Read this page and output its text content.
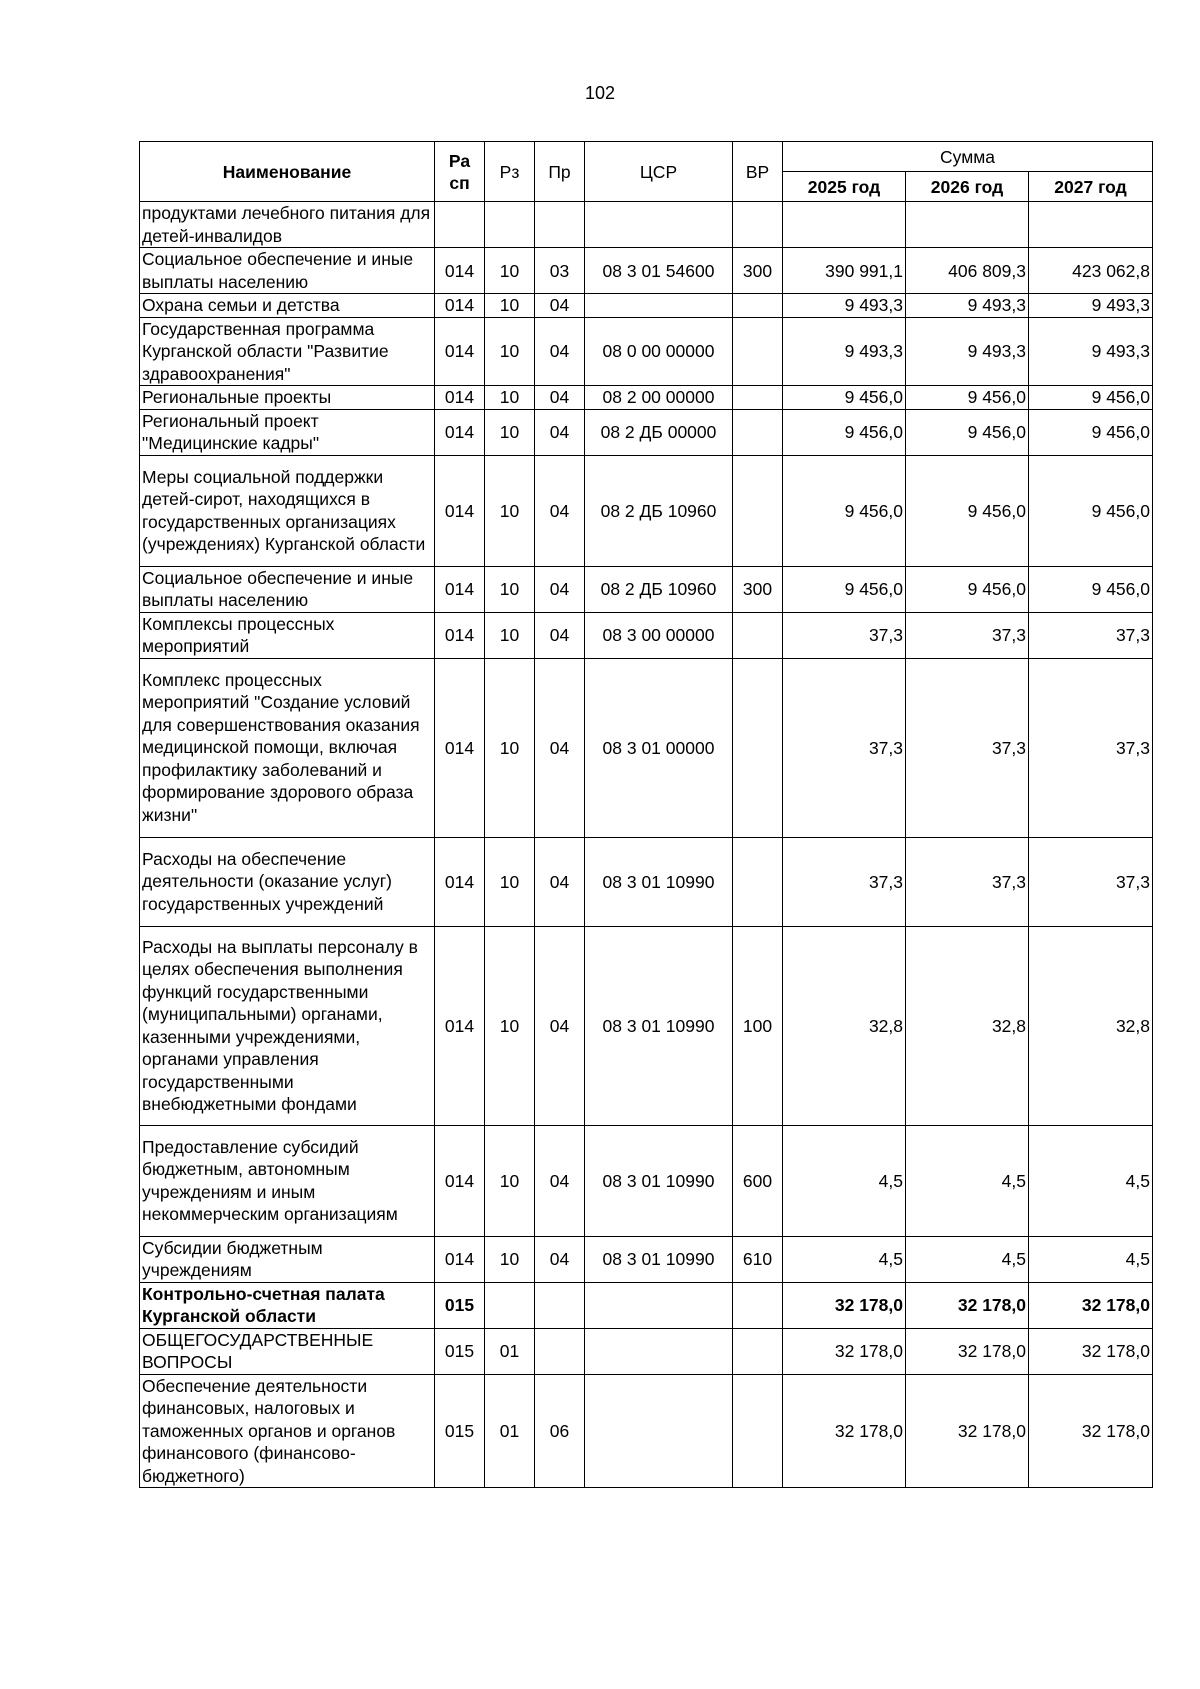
102
Наименование	Ра сп	Рз	Пр	ЦСР	ВР	Сумма		
						2025 год	2026 год	2027 год
продуктами лечебного питания для детей-инвалидов								
Социальное обеспечение и иные выплаты населению	014	10	03	08 3 01 54600	300	390 991,1	406 809,3	423 062,8
Охрана семьи и детства	014	10	04			9 493,3	9 493,3	9 493,3
Государственная программа Курганской области "Развитие здравоохранения"	014	10	04	08 0 00 00000		9 493,3	9 493,3	9 493,3
Региональные проекты	014	10	04	08 2 00 00000		9 456,0	9 456,0	9 456,0
Региональный проект "Медицинские кадры"	014	10	04	08 2 ДБ 00000		9 456,0	9 456,0	9 456,0
Меры социальной поддержки детей-сирот, находящихся в государственных организациях (учреждениях) Курганской области	014	10	04	08 2 ДБ 10960		9 456,0	9 456,0	9 456,0
Социальное обеспечение и иные выплаты населению	014	10	04	08 2 ДБ 10960	300	9 456,0	9 456,0	9 456,0
Комплексы процессных мероприятий	014	10	04	08 3 00 00000		37,3	37,3	37,3
Комплекс процессных мероприятий "Создание условий для совершенствования оказания медицинской помощи, включая профилактику заболеваний и формирование здорового образа жизни"	014	10	04	08 3 01 00000		37,3	37,3	37,3
Расходы на обеспечение деятельности (оказание услуг) государственных учреждений	014	10	04	08 3 01 10990		37,3	37,3	37,3
Расходы на выплаты персоналу в целях обеспечения выполнения функций государственными (муниципальными) органами, казенными учреждениями, органами управления государственными внебюджетными фондами	014	10	04	08 3 01 10990	100	32,8	32,8	32,8
Предоставление субсидий бюджетным, автономным учреждениям и иным некоммерческим организациям	014	10	04	08 3 01 10990	600	4,5	4,5	4,5
Субсидии бюджетным учреждениям	014	10	04	08 3 01 10990	610	4,5	4,5	4,5
Контрольно-счетная палата Курганской области	015					32 178,0	32 178,0	32 178,0
ОБЩЕГОСУДАРСТВЕННЫЕ ВОПРОСЫ	015	01				32 178,0	32 178,0	32 178,0
Обеспечение деятельности финансовых, налоговых и таможенных органов и органов финансового (финансово-бюджетного)	015	01	06			32 178,0	32 178,0	32 178,0
